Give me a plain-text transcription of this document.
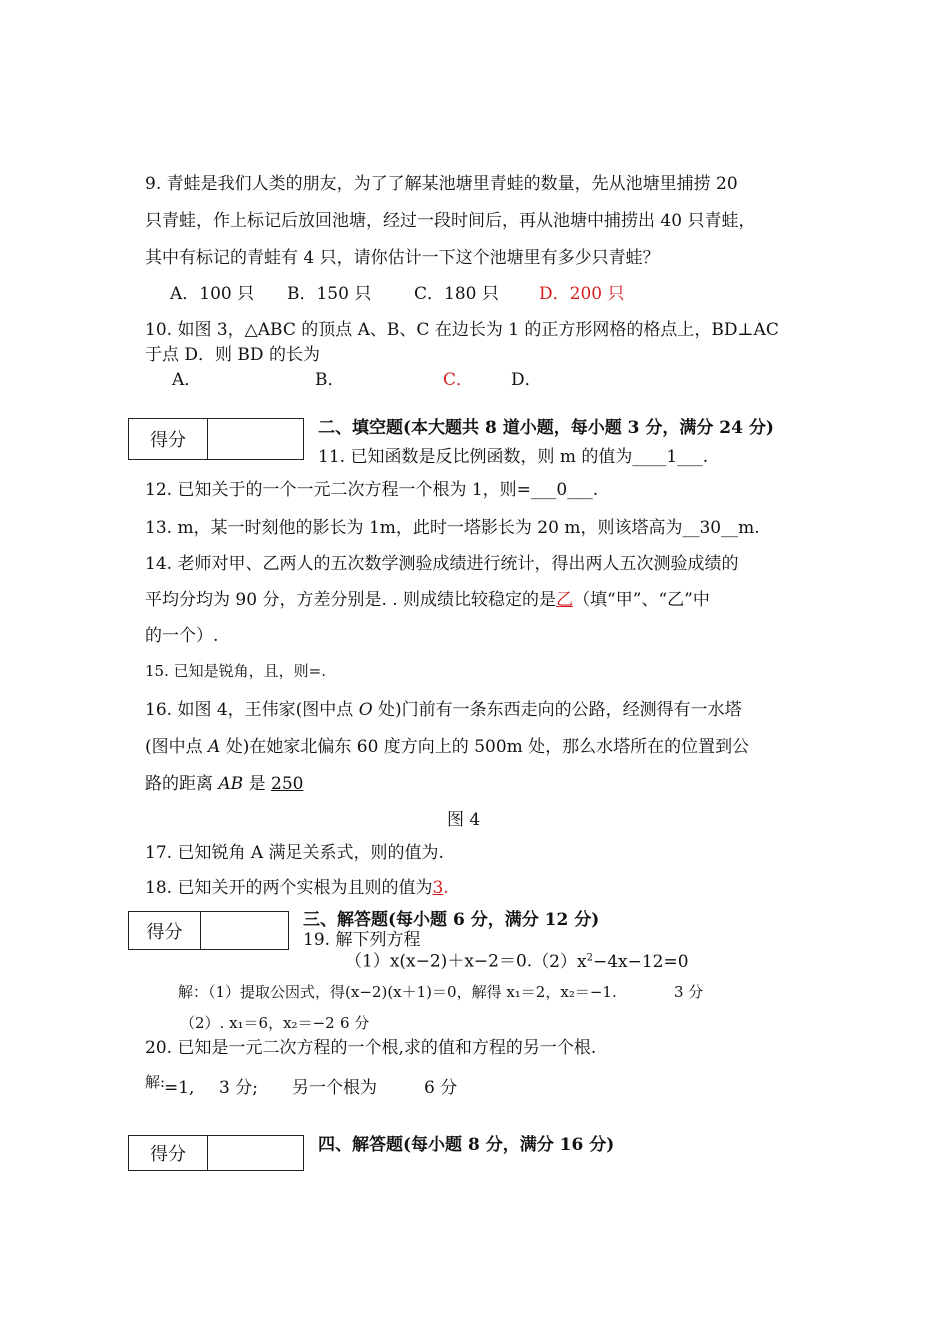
9. 青蛙是我们人类的朋友，为了了解某池塘里青蛙的数量，先从池塘里捕捞 20
只青蛙，作上标记后放回池塘，经过一段时间后，再从池塘中捕捞出 40 只青蛙，
其中有标记的青蛙有 4 只，请你估计一下这个池塘里有多少只青蛙？
A．100 只 B．150 只	C．180 只 D．200 只
10. 如图 3，△ABC 的顶点 A、B、C 在边长为 1 的正方形网格的格点上，BD⊥AC
于点 D．则 BD 的长为
A．	B．	C． D．
得分
二、填空题(本大题共 8 道小题，每小题 3 分，满分 24 分)
11. 已知函数是反比例函数，则 m 的值为____1___.
12. 已知关于的一个一元二次方程一个根为 1，则=___0___.
13. m，某一时刻他的影长为 1m，此时一塔影长为 20 m，则该塔高为__30__m.
14. 老师对甲、乙两人的五次数学测验成绩进行统计，得出两人五次测验成绩的
平均分均为 90 分，方差分别是. . 则成绩比较稳定的是乙（填“甲”、“乙”中
的一个）.
15. 已知是锐角，且，则=.
16. 如图 4，王伟家(图中点 O 处)门前有一条东西走向的公路，经测得有一水塔
(图中点 A 处)在她家北偏东 60 度方向上的 500m 处，那么水塔所在的位置到公
路的距离 AB 是 250
图 4
17. 已知锐角 A 满足关系式，则的值为.
18. 已知关开的两个实根为且则的值为3.
得分
三、解答题(每小题 6 分，满分 12 分)
19. 解下列方程
$(1)x(x-2)+x-2=0.(2)x^2-4x-12=0$
解：（1）提取公因式，得(x−2)(x＋1)＝0，解得 x₁＝2，x₂＝−1.	3 分
（2）. x₁＝6，x₂＝−2 6 分
20. 已知是一元二次方程的一个根,求的值和方程的另一个根.
解:
=1, 3 分; 另一个根为	6 分
得分	四、解答题(每小题 8 分，满分 16 分)
